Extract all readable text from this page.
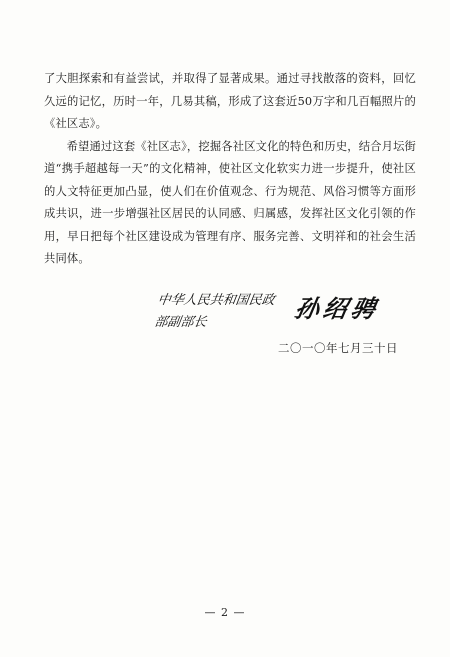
了大胆探索和有益尝试，并取得了显著成果。通过寻找散落的资料，回忆久远的记忆，历时一年，几易其稿，形成了这套近50万字和几百幅照片的《社区志》。

希望通过这套《社区志》，挖掘各社区文化的特色和历史，结合月坛街道“携手超越每一天”的文化精神，使社区文化软实力进一步提升，使社区的人文特征更加凸显，使人们在价值观念、行为规范、风俗习惯等方面形成共识，进一步增强社区居民的认同感、归属感，发挥社区文化引领的作用，早日把每个社区建设成为管理有序、服务完善、文明祥和的社会生活共同体。

中华人民共和国民政部副部长	孙绍骋
二〇一〇年七月三十日
— 2 —
